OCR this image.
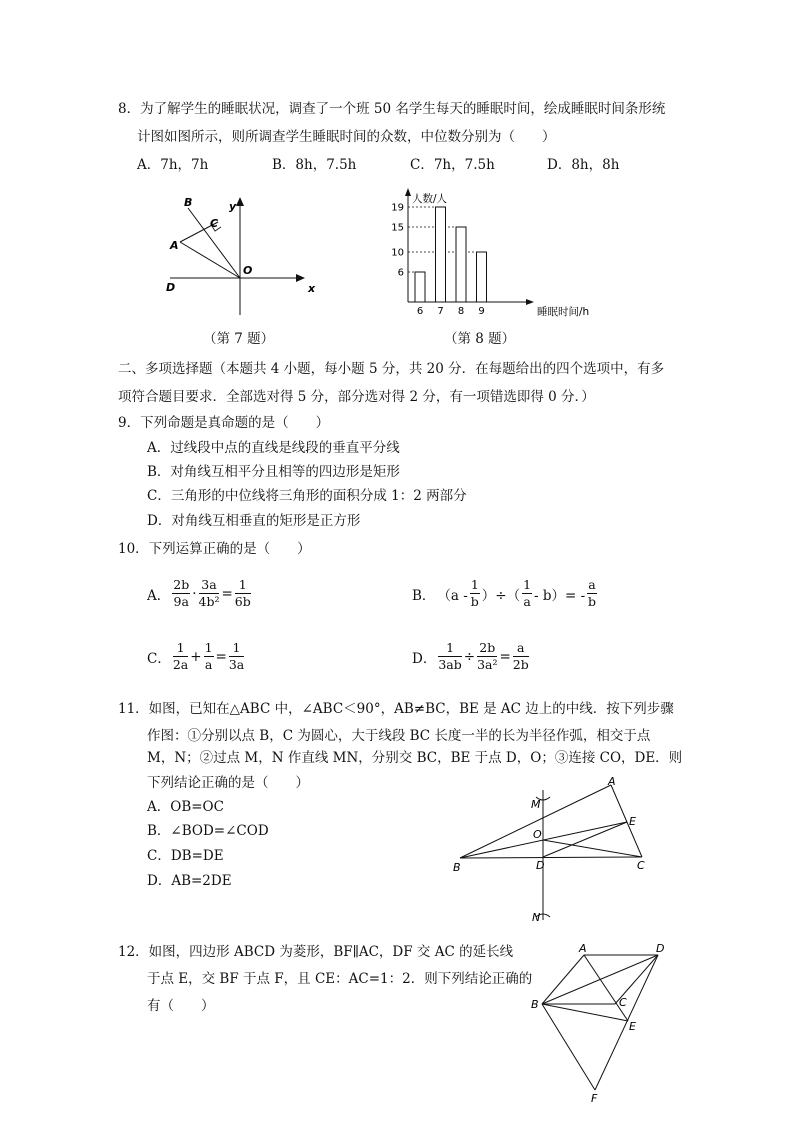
8．为了解学生的睡眠状况，调查了一个班 50 名学生每天的睡眠时间，绘成睡眠时间条形统
计图如图所示，则所调查学生睡眠时间的众数，中位数分别为（　　）
A．7h，7h	B．8h，7.5h	C．7h，7.5h	D．8h，8h
B
C
y
A
O
D	x
（第 7 题）
人数/人
睡眠时间/h
6
10
15
19
6 7 8 9
（第 8 题）
二、多项选择题（本题共 4 小题，每小题 5 分，共 20 分．在每题给出的四个选项中，有多
项符合题目要求．全部选对得 5 分，部分选对得 2 分，有一项错选即得 0 分．）
9．下列命题是真命题的是（　　）
A．过线段中点的直线是线段的垂直平分线
B．对角线互相平分且相等的四边形是矩形
C．三角形的中位线将三角形的面积分成 1：2 两部分
D．对角线互相垂直的矩形是正方形
10．下列运算正确的是（　　）
A． $\frac{2b}{9a} \cdot \frac{3a}{\text{4b²}} = \frac{1}{6b}$	B． （$a - \frac{1}{b}$ ）÷（ $\frac{1}{a} - b)= - \frac{a}{b}$
C． $\frac{1}{2a} + \frac{1}{a} = \frac{1}{3a}$	D． $\frac{1}{3ab} \div \frac{2b}{\text{3a²}} = \frac{a}{2b}$
11．如图，已知在△ABC 中，∠ABC＜90°，AB≠BC，BE 是 AC 边上的中线．按下列步骤
作图：①分别以点 B，C 为圆心，大于线段 BC 长度一半的长为半径作弧，相交于点
M，N；②过点 M，N 作直线 MN，分别交 BC，BE 于点 D，O；③连接 CO，DE．则
下列结论正确的是（　　）
A．OB=OC
B．∠BOD=∠COD
C．DB=DE
D．AB=2DE
A
M
E
O
B	D	C
N
12．如图，四边形 ABCD 为菱形，BF∥AC，DF 交 AC 的延长线
于点 E，交 BF 于点 F，且 CE：AC=1：2．则下列结论正确的
有（　　）
A	D
B	C
E
F
